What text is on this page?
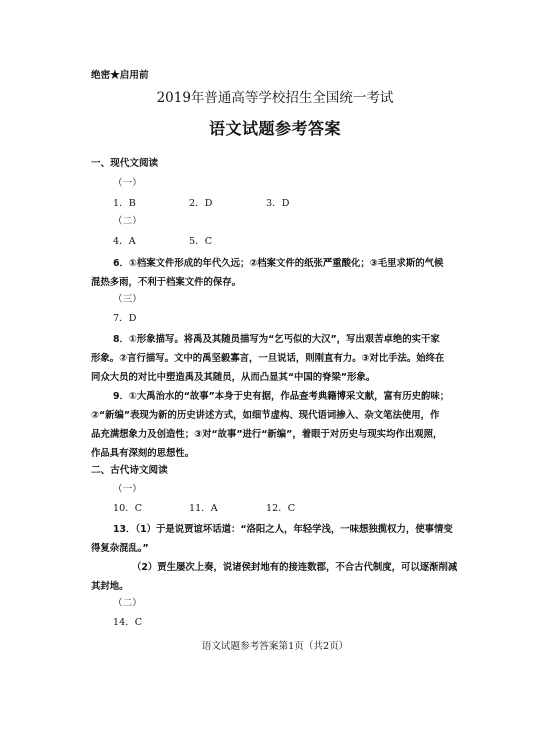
绝密★启用前
2019年普通高等学校招生全国统一考试
语文试题参考答案
一、现代文阅读
（一）
1．B	2．D	3．D
（二）
4．A	5．C
6．①档案文件形成的年代久远；②档案文件的纸张严重酸化；③毛里求斯的气候
混热多雨，不利于档案文件的保存。
（三）
7．D
8．①形象描写。将禹及其随员描写为“乞丐似的大汉”，写出艰苦卓绝的实干家
形象。②言行描写。文中的禹坚毅寡言，一旦说话，则刚直有力。③对比手法。始终在
同众大员的对比中塑造禹及其随员，从而凸显其“中国的脊梁”形象。
9．①大禹治水的“故事”本身于史有据，作品查考典籍博采文献，富有历史韵味；
②“新编”表现为新的历史讲述方式，如细节虚构、现代语词掺入、杂文笔法使用，作
品充满想象力及创造性；③对“故事”进行“新编”，着眼于对历史与现实均作出观照，
作品具有深刻的思想性。
二、古代诗文阅读
（一）
10．C	11．A	12．C
13．（1）于是说贾谊坏话道：“洛阳之人，年轻学浅，一味想独揽权力，使事情变
得复杂混乱。”
（2）贾生屡次上奏，说诸侯封地有的接连数郡，不合古代制度，可以逐渐削减
其封地。
（二）
14．C
语文试题参考答案第1页（共2页）
